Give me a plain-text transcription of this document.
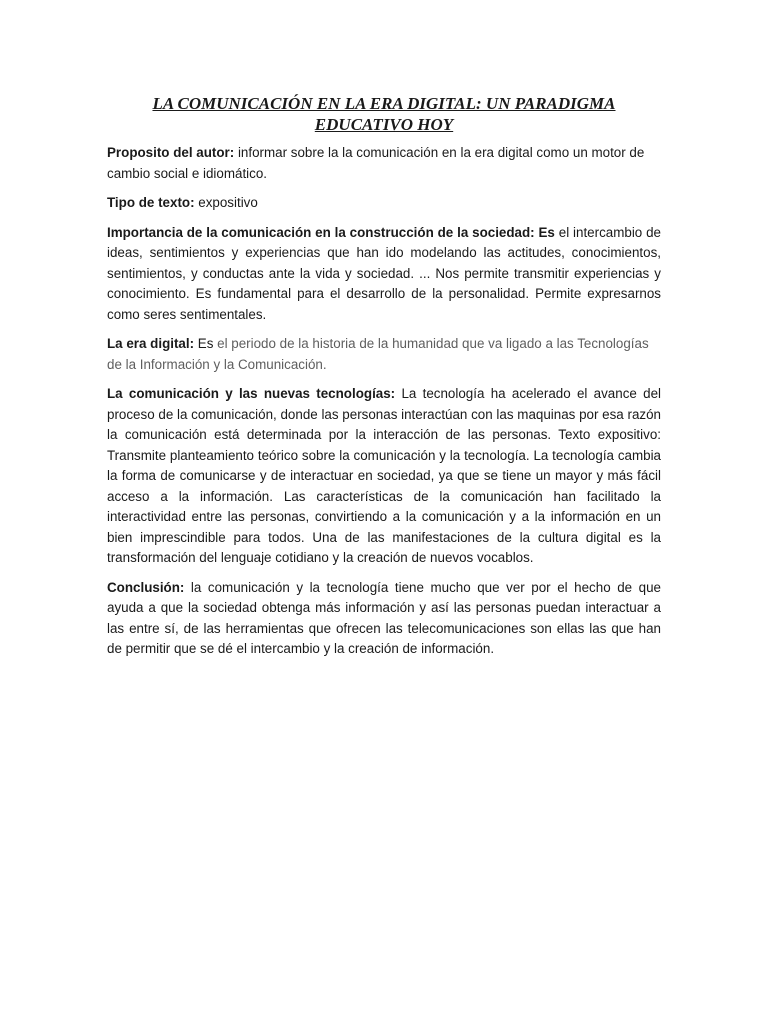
LA COMUNICACIÓN EN LA ERA DIGITAL: UN PARADIGMA
EDUCATIVO HOY

Proposito del autor: informar sobre la la comunicación en la era digital como un motor de cambio social e idiomático.

Tipo de texto: expositivo

Importancia de la comunicación en la construcción de la sociedad: Es el intercambio de ideas, sentimientos y experiencias que han ido modelando las actitudes, conocimientos, sentimientos, y conductas ante la vida y sociedad. ... Nos permite transmitir experiencias y conocimiento. Es fundamental para el desarrollo de la personalidad. Permite expresarnos como seres sentimentales.

La era digital: Es el periodo de la historia de la humanidad que va ligado a las Tecnologías de la Información y la Comunicación.

La comunicación y las nuevas tecnologías: La tecnología ha acelerado el avance del proceso de la comunicación, donde las personas interactúan con las maquinas por esa razón la comunicación está determinada por la interacción de las personas. Texto expositivo: Transmite planteamiento teórico sobre la comunicación y la tecnología. La tecnología cambia la forma de comunicarse y de interactuar en sociedad, ya que se tiene un mayor y más fácil acceso a la información. Las características de la comunicación han facilitado la interactividad entre las personas, convirtiendo a la comunicación y a la información en un bien imprescindible para todos. Una de las manifestaciones de la cultura digital es la transformación del lenguaje cotidiano y la creación de nuevos vocablos.

Conclusión: la comunicación y la tecnología tiene mucho que ver por el hecho de que ayuda a que la sociedad obtenga más información y así las personas puedan interactuar a las entre sí, de las herramientas que ofrecen las telecomunicaciones son ellas las que han de permitir que se dé el intercambio y la creación de información.
